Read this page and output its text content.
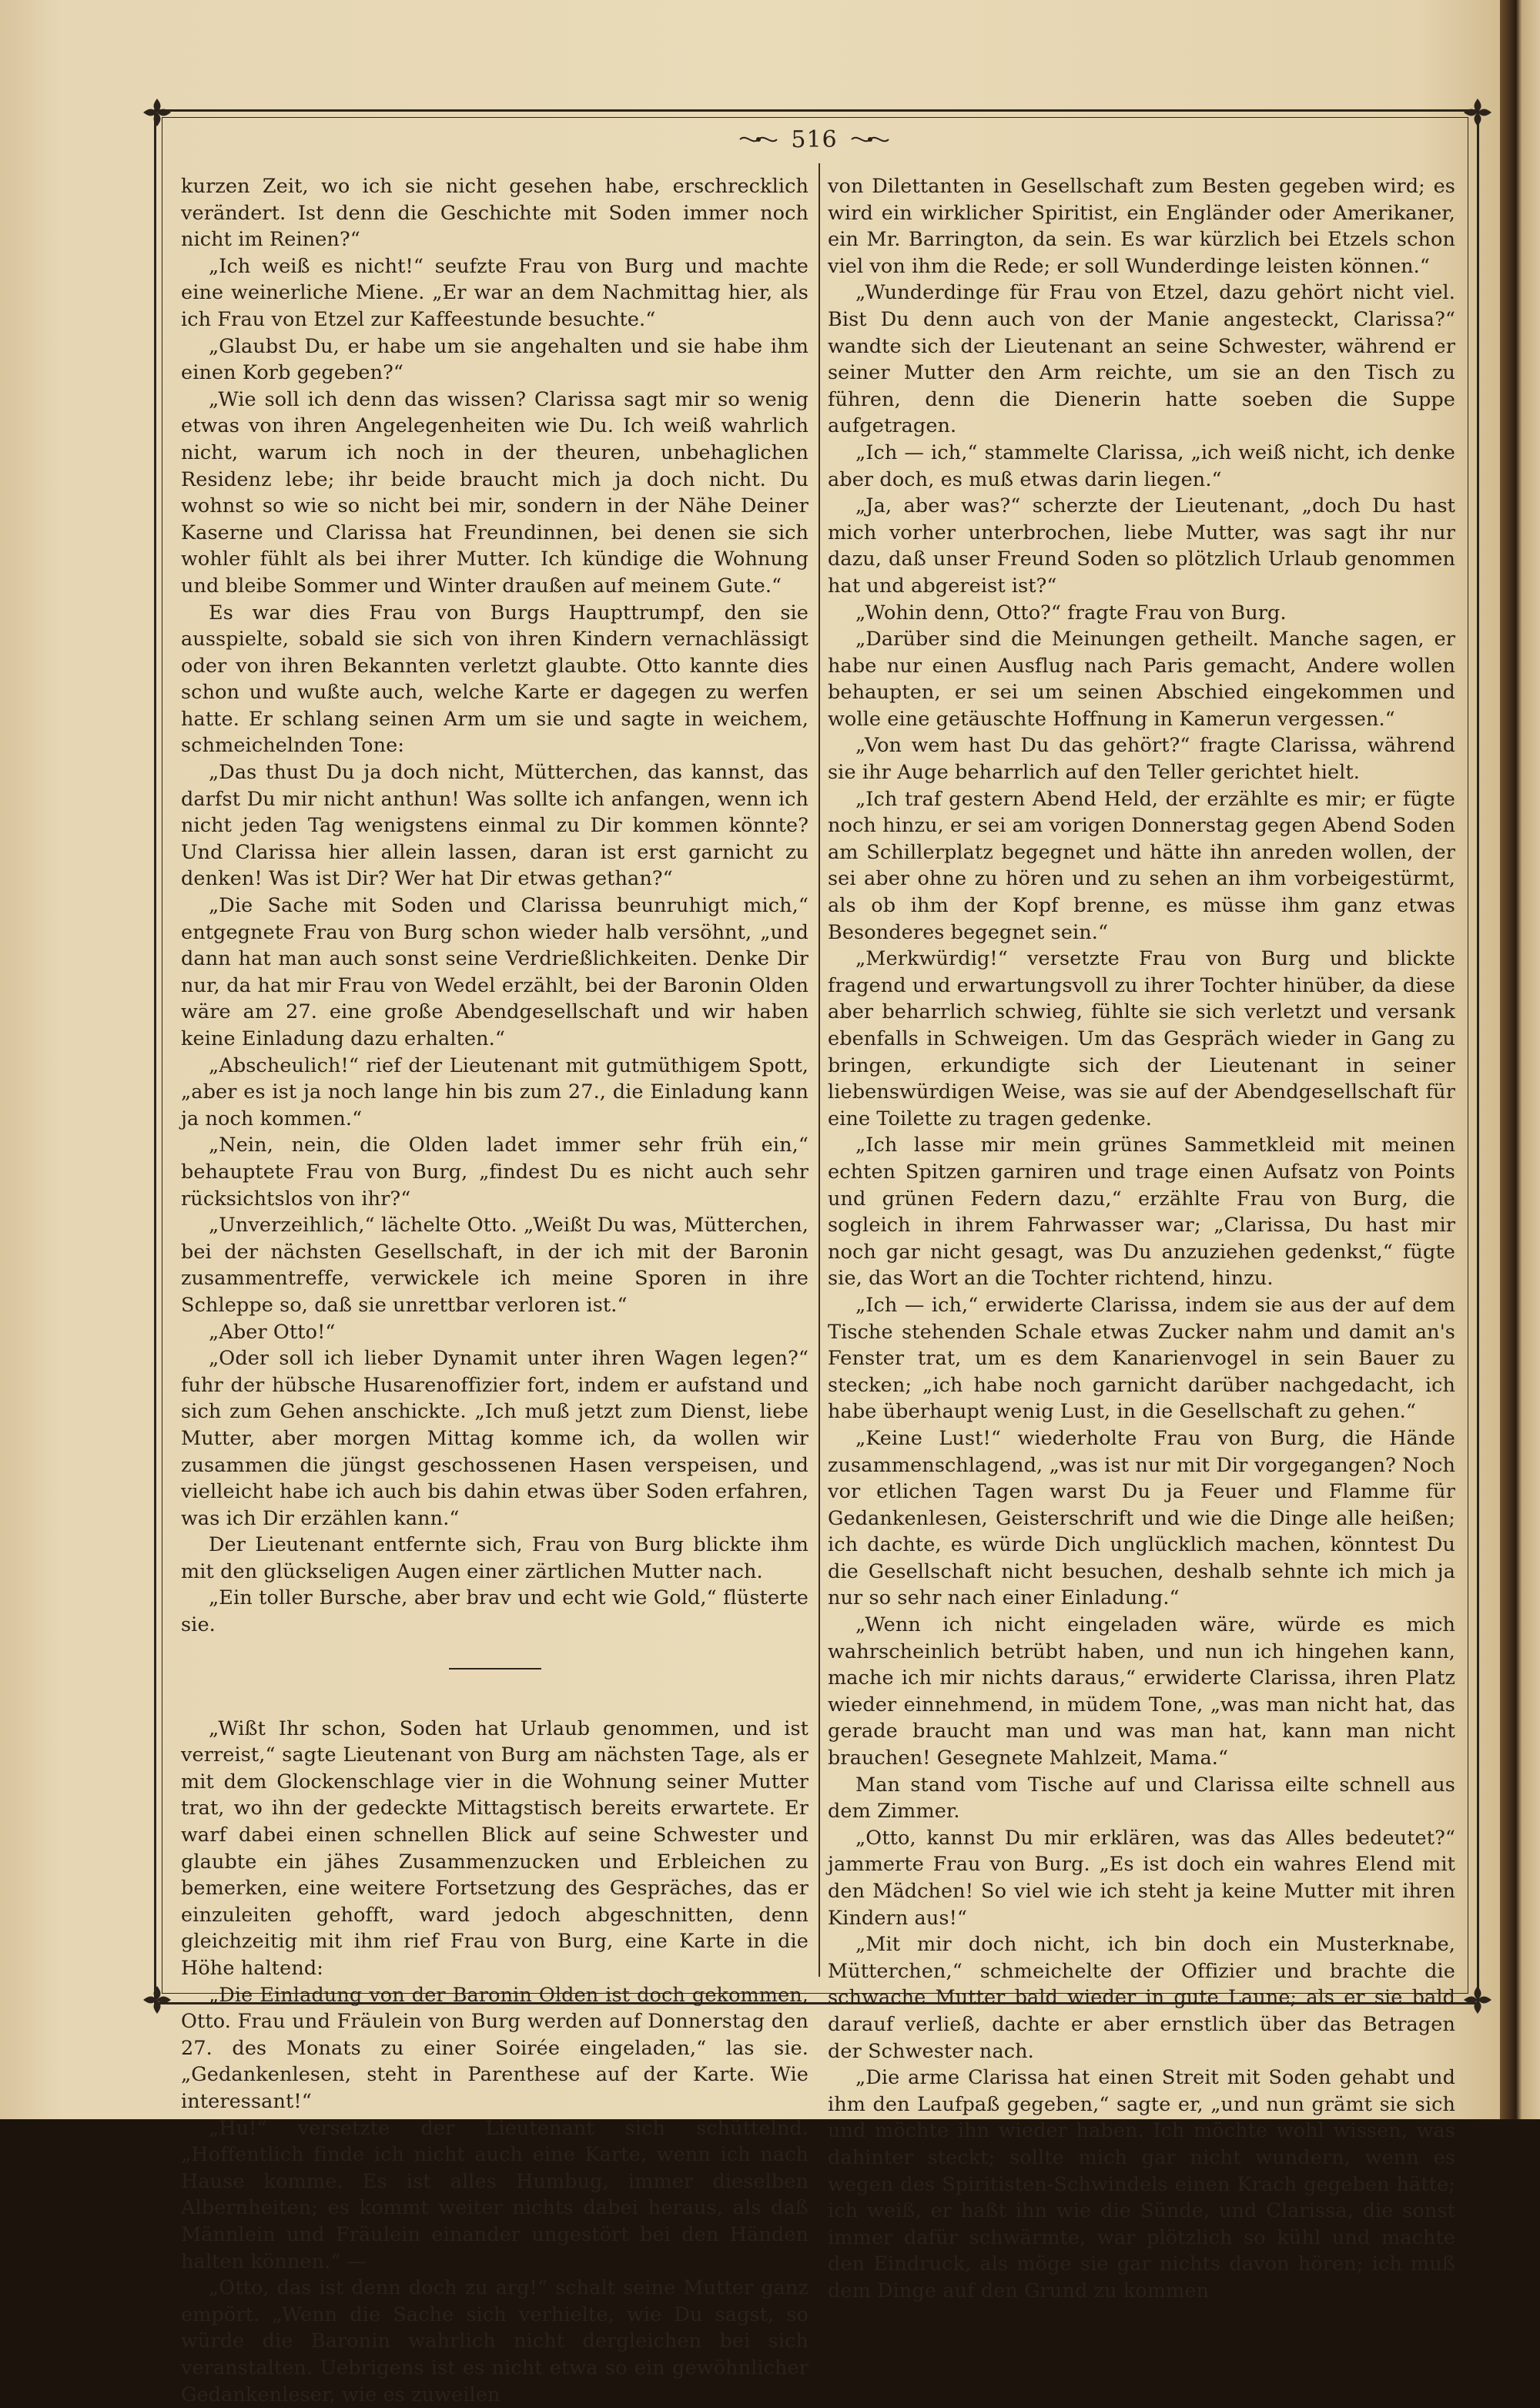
516

kurzen Zeit, wo ich sie nicht gesehen habe, erschrecklich verändert. Ist denn die Geschichte mit Soden immer noch nicht im Reinen?“

„Ich weiß es nicht!“ seufzte Frau von Burg und machte eine weinerliche Miene. „Er war an dem Nachmittag hier, als ich Frau von Etzel zur Kaffeestunde besuchte.“

„Glaubst Du, er habe um sie angehalten und sie habe ihm einen Korb gegeben?“

„Wie soll ich denn das wissen? Clarissa sagt mir so wenig etwas von ihren Angelegenheiten wie Du. Ich weiß wahrlich nicht, warum ich noch in der theuren, unbehaglichen Residenz lebe; ihr beide braucht mich ja doch nicht. Du wohnst so wie so nicht bei mir, sondern in der Nähe Deiner Kaserne und Clarissa hat Freundinnen, bei denen sie sich wohler fühlt als bei ihrer Mutter. Ich kündige die Wohnung und bleibe Sommer und Winter draußen auf meinem Gute.“

Es war dies Frau von Burgs Haupttrumpf, den sie ausspielte, sobald sie sich von ihren Kindern vernachlässigt oder von ihren Bekannten verletzt glaubte. Otto kannte dies schon und wußte auch, welche Karte er dagegen zu werfen hatte. Er schlang seinen Arm um sie und sagte in weichem, schmeichelnden Tone:

„Das thust Du ja doch nicht, Mütterchen, das kannst, das darfst Du mir nicht anthun! Was sollte ich anfangen, wenn ich nicht jeden Tag wenigstens einmal zu Dir kommen könnte? Und Clarissa hier allein lassen, daran ist erst garnicht zu denken! Was ist Dir? Wer hat Dir etwas gethan?“

„Die Sache mit Soden und Clarissa beunruhigt mich,“ entgegnete Frau von Burg schon wieder halb versöhnt, „und dann hat man auch sonst seine Verdrießlichkeiten. Denke Dir nur, da hat mir Frau von Wedel erzählt, bei der Baronin Olden wäre am 27. eine große Abendgesellschaft und wir haben keine Einladung dazu erhalten.“

„Abscheulich!“ rief der Lieutenant mit gutmüthigem Spott, „aber es ist ja noch lange hin bis zum 27., die Einladung kann ja noch kommen.“

„Nein, nein, die Olden ladet immer sehr früh ein,“ behauptete Frau von Burg, „findest Du es nicht auch sehr rücksichtslos von ihr?“

„Unverzeihlich,“ lächelte Otto. „Weißt Du was, Mütterchen, bei der nächsten Gesellschaft, in der ich mit der Baronin zusammentreffe, verwickele ich meine Sporen in ihre Schleppe so, daß sie unrettbar verloren ist.“

„Aber Otto!“

„Oder soll ich lieber Dynamit unter ihren Wagen legen?“ fuhr der hübsche Husarenoffizier fort, indem er aufstand und sich zum Gehen anschickte. „Ich muß jetzt zum Dienst, liebe Mutter, aber morgen Mittag komme ich, da wollen wir zusammen die jüngst geschossenen Hasen verspeisen, und vielleicht habe ich auch bis dahin etwas über Soden erfahren, was ich Dir erzählen kann.“

Der Lieutenant entfernte sich, Frau von Burg blickte ihm mit den glückseligen Augen einer zärtlichen Mutter nach.

„Ein toller Bursche, aber brav und echt wie Gold,“ flüsterte sie.

„Wißt Ihr schon, Soden hat Urlaub genommen, und ist verreist,“ sagte Lieutenant von Burg am nächsten Tage, als er mit dem Glockenschlage vier in die Wohnung seiner Mutter trat, wo ihn der gedeckte Mittagstisch bereits erwartete. Er warf dabei einen schnellen Blick auf seine Schwester und glaubte ein jähes Zusammenzucken und Erbleichen zu bemerken, eine weitere Fortsetzung des Gespräches, das er einzuleiten gehofft, ward jedoch abgeschnitten, denn gleichzeitig mit ihm rief Frau von Burg, eine Karte in die Höhe haltend:

„Die Einladung von der Baronin Olden ist doch gekommen, Otto. Frau und Fräulein von Burg werden auf Donnerstag den 27. des Monats zu einer Soirée eingeladen,“ las sie. „Gedankenlesen, steht in Parenthese auf der Karte. Wie interessant!“

„Hu!“ versetzte der Lieutenant sich schüttelnd. „Hoffentlich finde ich nicht auch eine Karte, wenn ich nach Hause komme. Es ist alles Humbug, immer dieselben Albernheiten; es kommt weiter nichts dabei heraus, als daß Männlein und Fräulein einander ungestört bei den Händen halten können.“ —

„Otto, das ist denn doch zu arg!“ schalt seine Mutter ganz empört. „Wenn die Sache sich verhielte, wie Du sagst, so würde die Baronin wahrlich nicht dergleichen bei sich veranstalten. Uebrigens ist es nicht etwa so ein gewöhnlicher Gedankenleser, wie es zuweilen

von Dilettanten in Gesellschaft zum Besten gegeben wird; es wird ein wirklicher Spiritist, ein Engländer oder Amerikaner, ein Mr. Barrington, da sein. Es war kürzlich bei Etzels schon viel von ihm die Rede; er soll Wunderdinge leisten können.“

„Wunderdinge für Frau von Etzel, dazu gehört nicht viel. Bist Du denn auch von der Manie angesteckt, Clarissa?“ wandte sich der Lieutenant an seine Schwester, während er seiner Mutter den Arm reichte, um sie an den Tisch zu führen, denn die Dienerin hatte soeben die Suppe aufgetragen.

„Ich — ich,“ stammelte Clarissa, „ich weiß nicht, ich denke aber doch, es muß etwas darin liegen.“

„Ja, aber was?“ scherzte der Lieutenant, „doch Du hast mich vorher unterbrochen, liebe Mutter, was sagt ihr nur dazu, daß unser Freund Soden so plötzlich Urlaub genommen hat und abgereist ist?“

„Wohin denn, Otto?“ fragte Frau von Burg.

„Darüber sind die Meinungen getheilt. Manche sagen, er habe nur einen Ausflug nach Paris gemacht, Andere wollen behaupten, er sei um seinen Abschied eingekommen und wolle eine getäuschte Hoffnung in Kamerun vergessen.“

„Von wem hast Du das gehört?“ fragte Clarissa, während sie ihr Auge beharrlich auf den Teller gerichtet hielt.

„Ich traf gestern Abend Held, der erzählte es mir; er fügte noch hinzu, er sei am vorigen Donnerstag gegen Abend Soden am Schillerplatz begegnet und hätte ihn anreden wollen, der sei aber ohne zu hören und zu sehen an ihm vorbeigestürmt, als ob ihm der Kopf brenne, es müsse ihm ganz etwas Besonderes begegnet sein.“

„Merkwürdig!“ versetzte Frau von Burg und blickte fragend und erwartungsvoll zu ihrer Tochter hinüber, da diese aber beharrlich schwieg, fühlte sie sich verletzt und versank ebenfalls in Schweigen. Um das Gespräch wieder in Gang zu bringen, erkundigte sich der Lieutenant in seiner liebenswürdigen Weise, was sie auf der Abendgesellschaft für eine Toilette zu tragen gedenke.

„Ich lasse mir mein grünes Sammetkleid mit meinen echten Spitzen garniren und trage einen Aufsatz von Points und grünen Federn dazu,“ erzählte Frau von Burg, die sogleich in ihrem Fahrwasser war; „Clarissa, Du hast mir noch gar nicht gesagt, was Du anzuziehen gedenkst,“ fügte sie, das Wort an die Tochter richtend, hinzu.

„Ich — ich,“ erwiderte Clarissa, indem sie aus der auf dem Tische stehenden Schale etwas Zucker nahm und damit an's Fenster trat, um es dem Kanarienvogel in sein Bauer zu stecken; „ich habe noch garnicht darüber nachgedacht, ich habe überhaupt wenig Lust, in die Gesellschaft zu gehen.“

„Keine Lust!“ wiederholte Frau von Burg, die Hände zusammenschlagend, „was ist nur mit Dir vorgegangen? Noch vor etlichen Tagen warst Du ja Feuer und Flamme für Gedankenlesen, Geisterschrift und wie die Dinge alle heißen; ich dachte, es würde Dich unglücklich machen, könntest Du die Gesellschaft nicht besuchen, deshalb sehnte ich mich ja nur so sehr nach einer Einladung.“

„Wenn ich nicht eingeladen wäre, würde es mich wahrscheinlich betrübt haben, und nun ich hingehen kann, mache ich mir nichts daraus,“ erwiderte Clarissa, ihren Platz wieder einnehmend, in müdem Tone, „was man nicht hat, das gerade braucht man und was man hat, kann man nicht brauchen! Gesegnete Mahlzeit, Mama.“

Man stand vom Tische auf und Clarissa eilte schnell aus dem Zimmer.

„Otto, kannst Du mir erklären, was das Alles bedeutet?“ jammerte Frau von Burg. „Es ist doch ein wahres Elend mit den Mädchen! So viel wie ich steht ja keine Mutter mit ihren Kindern aus!“

„Mit mir doch nicht, ich bin doch ein Musterknabe, Mütterchen,“ schmeichelte der Offizier und brachte die schwache Mutter bald wieder in gute Laune; als er sie bald darauf verließ, dachte er aber ernstlich über das Betragen der Schwester nach.

„Die arme Clarissa hat einen Streit mit Soden gehabt und ihm den Laufpaß gegeben,“ sagte er, „und nun grämt sie sich und möchte ihn wieder haben. Ich möchte wohl wissen, was dahinter steckt; sollte mich gar nicht wundern, wenn es wegen des Spiritisten-Schwindels einen Krach gegeben hätte; ich weiß, er haßt ihn wie die Sünde, und Clarissa, die sonst immer dafür schwärmte, war plötzlich so kühl und machte den Eindruck, als möge sie gar nichts davon hören; ich muß dem Dinge auf den Grund zu kommen
